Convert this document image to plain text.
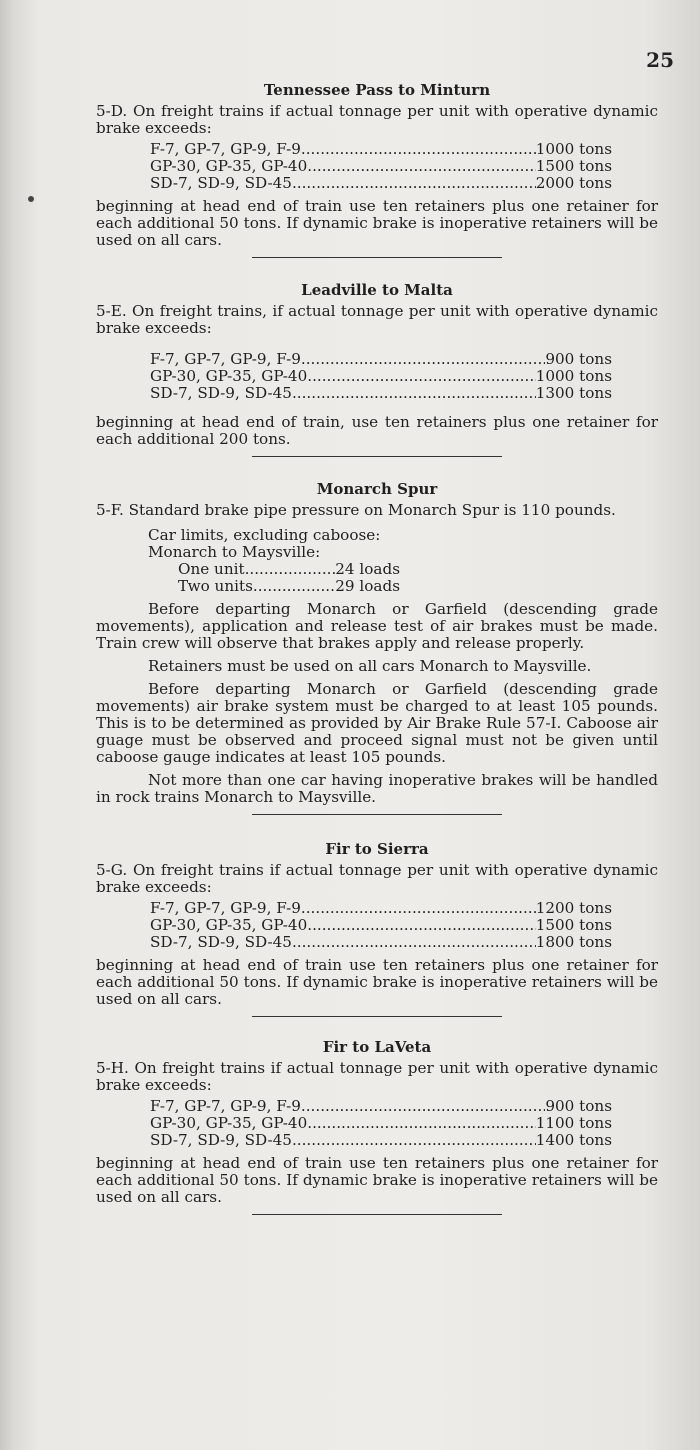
25
Tennessee Pass to Minturn

5-D. On freight trains if actual tonnage per unit with operative dynamic brake exceeds:

F-7, GP-7, GP-9, F-9 .....	1000 tons
GP-30, GP-35, GP-40 .....	1500 tons
SD-7, SD-9, SD-45 .....	2000 tons

beginning at head end of train use ten retainers plus one retainer for each additional 50 tons. If dynamic brake is inoperative retainers will be used on all cars.

Leadville to Malta

5-E. On freight trains, if actual tonnage per unit with operative dynamic brake exceeds:

F-7, GP-7, GP-9, F-9 .....	900 tons
GP-30, GP-35, GP-40 .....	1000 tons
SD-7, SD-9, SD-45 .....	1300 tons

beginning at head end of train, use ten retainers plus one retainer for each additional 200 tons.

Monarch Spur

5-F. Standard brake pipe pressure on Monarch Spur is 110 pounds.

Car limits, excluding caboose:
Monarch to Maysville:
One unit .....	24 loads
Two units .....	29 loads

Before departing Monarch or Garfield (descending grade movements), application and release test of air brakes must be made. Train crew will observe that brakes apply and release properly.

Retainers must be used on all cars Monarch to Maysville.

Before departing Monarch or Garfield (descending grade movements) air brake system must be charged to at least 105 pounds. This is to be determined as provided by Air Brake Rule 57-I. Caboose air guage must be observed and proceed signal must not be given until caboose gauge indicates at least 105 pounds.

Not more than one car having inoperative brakes will be handled in rock trains Monarch to Maysville.

Fir to Sierra

5-G. On freight trains if actual tonnage per unit with operative dynamic brake exceeds:

F-7, GP-7, GP-9, F-9 .....	1200 tons
GP-30, GP-35, GP-40 .....	1500 tons
SD-7, SD-9, SD-45 .....	1800 tons

beginning at head end of train use ten retainers plus one retainer for each additional 50 tons. If dynamic brake is inoperative retainers will be used on all cars.

Fir to LaVeta

5-H. On freight trains if actual tonnage per unit with operative dynamic brake exceeds:

F-7, GP-7, GP-9, F-9 .....	900 tons
GP-30, GP-35, GP-40 .....	1100 tons
SD-7, SD-9, SD-45 .....	1400 tons

beginning at head end of train use ten retainers plus one retainer for each additional 50 tons. If dynamic brake is inoperative retainers will be used on all cars.
